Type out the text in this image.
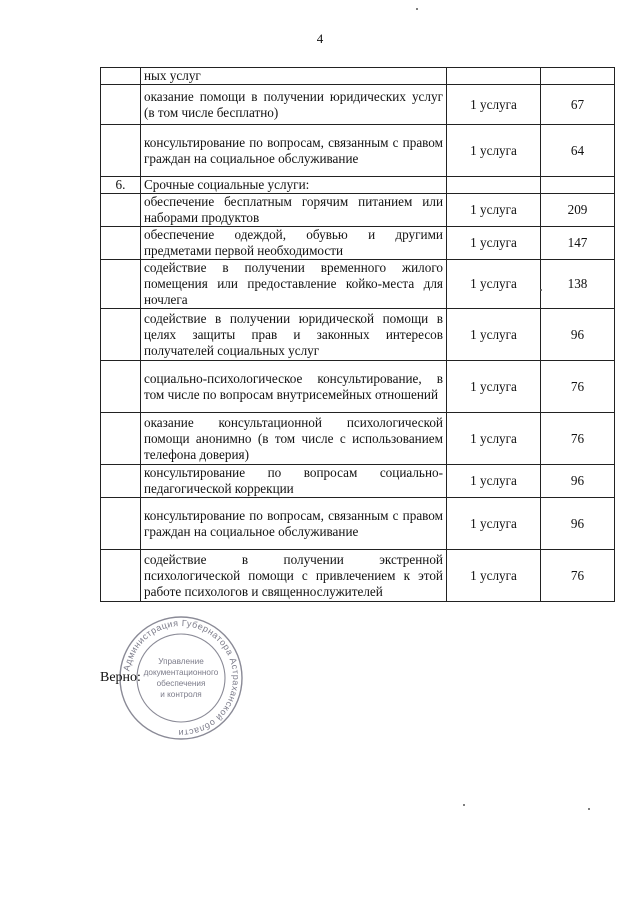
4
	ных услуг		
	оказание помощи в получении юридических услуг (в том числе бесплатно)	1 услуга	67
	консультирование по вопросам, связанным с правом граждан на социальное обслуживание	1 услуга	64
6.	Срочные социальные услуги:		
	обеспечение бесплатным горячим питанием или наборами продуктов	1 услуга	209
	обеспечение одеждой, обувью и другими предметами первой необходимости	1 услуга	147
	содействие в получении временного жилого помещения или предоставление койко-места для ночлега	1 услуга	138
	содействие в получении юридической помощи в целях защиты прав и законных интересов получателей социальных услуг	1 услуга	96
	социально-психологическое консультирование, в том числе по вопросам внутрисемейных отношений	1 услуга	76
	оказание консультационной психологической помощи анонимно (в том числе с использованием телефона доверия)	1 услуга	76
	консультирование по вопросам социально-педагогической коррекции	1 услуга	96
	консультирование по вопросам, связанным с правом граждан на социальное обслуживание	1 услуга	96
	содействие в получении экстренной психологической помощи с привлечением к этой работе психологов и священнослужителей	1 услуга	76
Администрация Губернатора Астраханской области
Управление
документационного
обеспечения
и контроля
Верно:
